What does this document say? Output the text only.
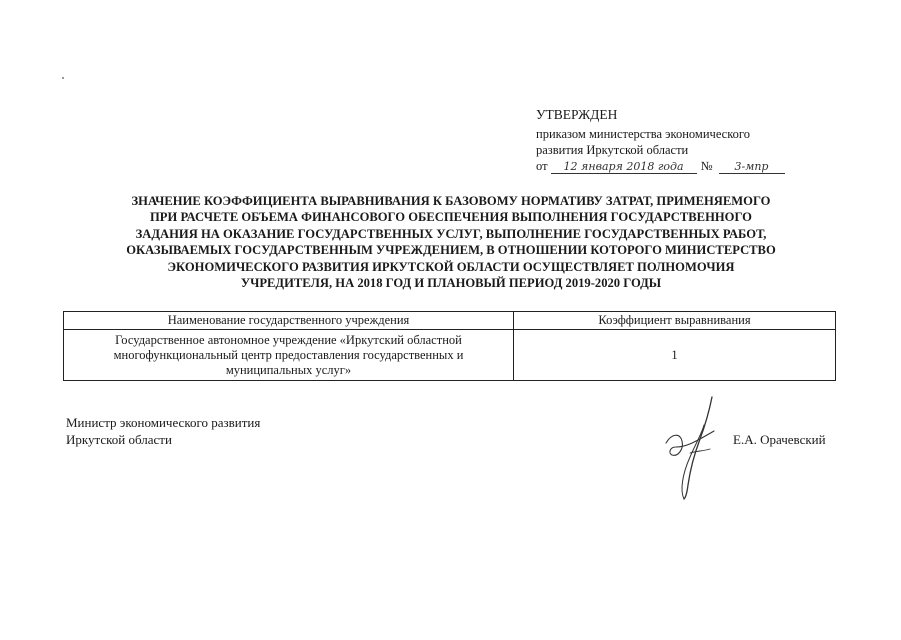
УТВЕРЖДЕН
приказом министерства экономического
развития Иркутской области
от	12 января 2018 года	№	3-мпр
ЗНАЧЕНИЕ КОЭФФИЦИЕНТА ВЫРАВНИВАНИЯ К БАЗОВОМУ НОРМАТИВУ ЗАТРАТ, ПРИМЕНЯЕМОГО
ПРИ РАСЧЕТЕ ОБЪЕМА ФИНАНСОВОГО ОБЕСПЕЧЕНИЯ ВЫПОЛНЕНИЯ ГОСУДАРСТВЕННОГО
ЗАДАНИЯ НА ОКАЗАНИЕ ГОСУДАРСТВЕННЫХ УСЛУГ, ВЫПОЛНЕНИЕ ГОСУДАРСТВЕННЫХ РАБОТ,
ОКАЗЫВАЕМЫХ ГОСУДАРСТВЕННЫМ УЧРЕЖДЕНИЕМ, В ОТНОШЕНИИ КОТОРОГО МИНИСТЕРСТВО
ЭКОНОМИЧЕСКОГО РАЗВИТИЯ ИРКУТСКОЙ ОБЛАСТИ ОСУЩЕСТВЛЯЕТ ПОЛНОМОЧИЯ
УЧРЕДИТЕЛЯ, НА 2018 ГОД И ПЛАНОВЫЙ ПЕРИОД 2019-2020 ГОДЫ
Наименование государственного учреждения	Коэффициент выравнивания

Государственное автономное учреждение «Иркутский областной
многофункциональный центр предоставления государственных и
муниципальных услуг»	1
Министр экономического развития
Иркутской области	Е.А. Орачевский
